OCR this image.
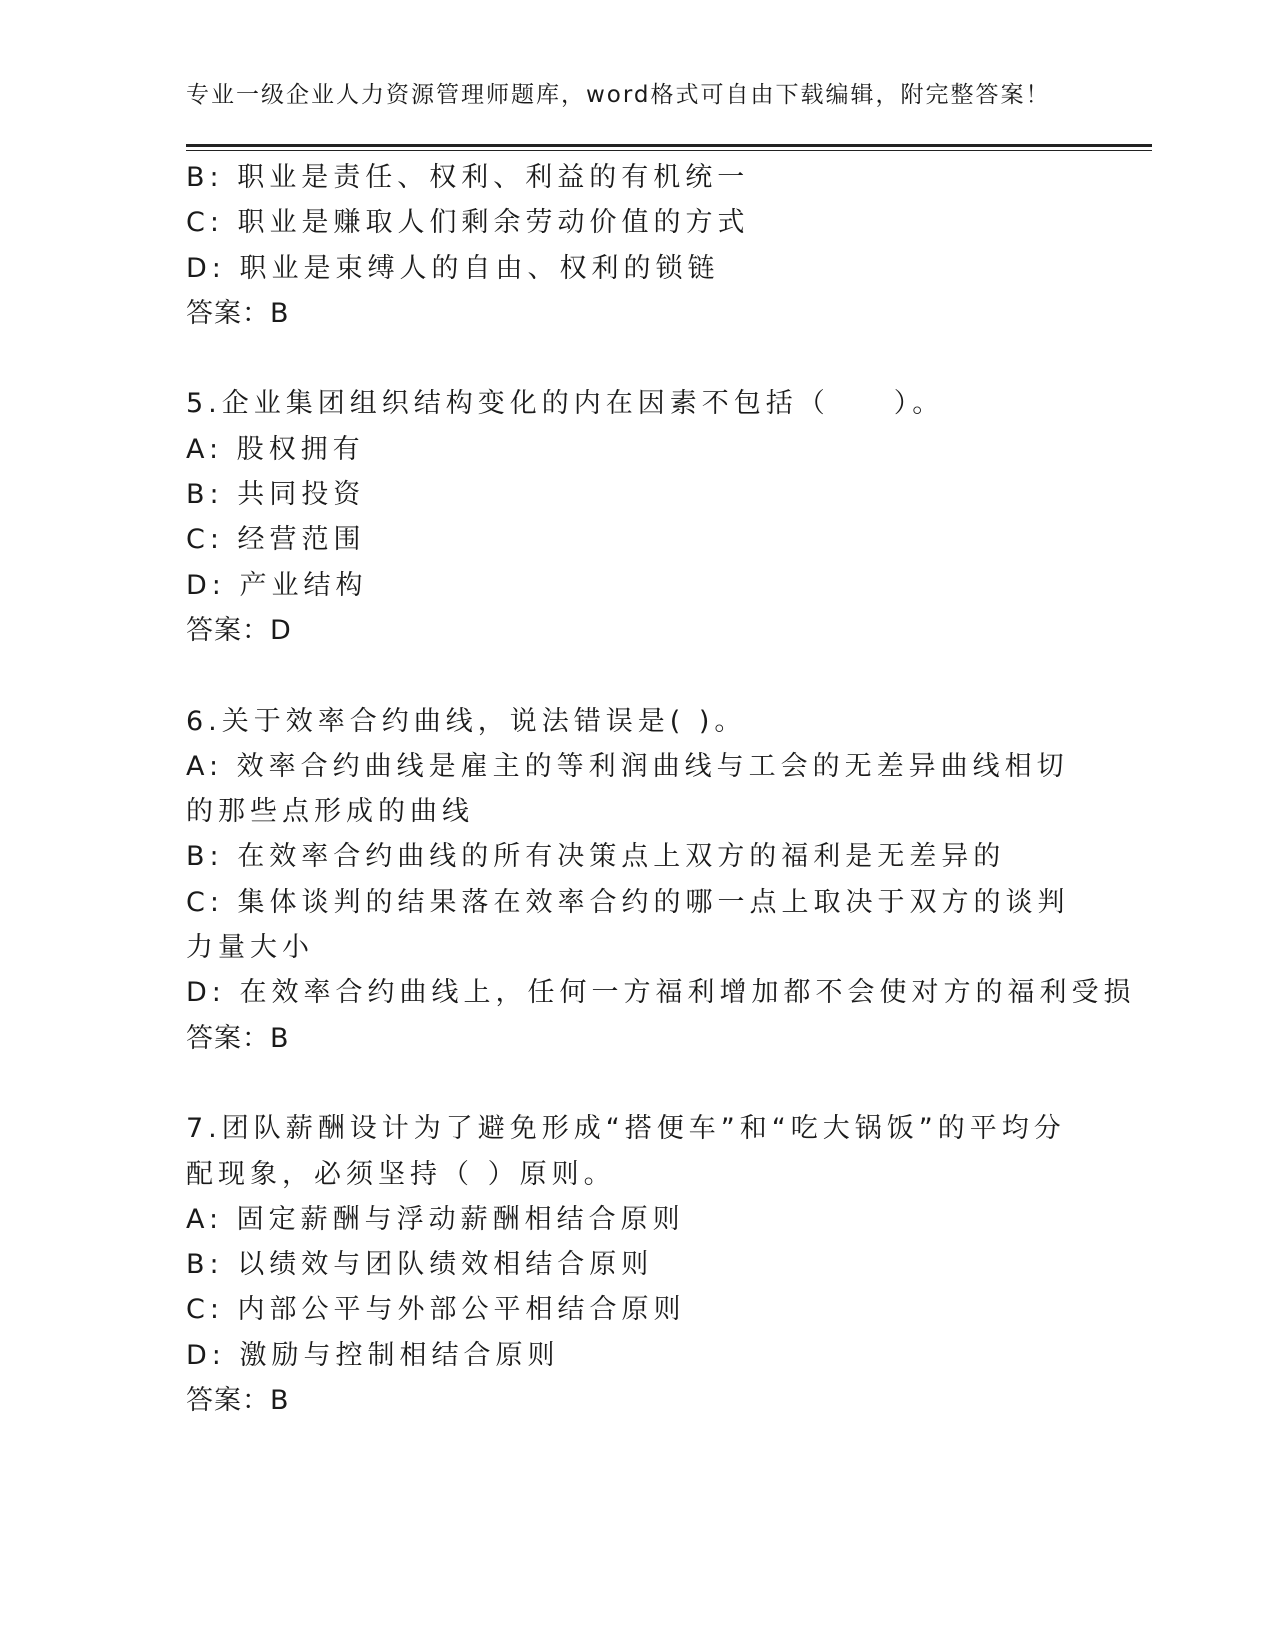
专业一级企业人力资源管理师题库，word格式可自由下载编辑，附完整答案！
B: 职业是责任、权利、利益的有机统一
C: 职业是赚取人们剩余劳动价值的方式
D: 职业是束缚人的自由、权利的锁链
答案：B
5.企业集团组织结构变化的内在因素不包括（　　）。
A: 股权拥有
B: 共同投资
C: 经营范围
D: 产业结构
答案：D
6.关于效率合约曲线，说法错误是( )。
A: 效率合约曲线是雇主的等利润曲线与工会的无差异曲线相切的那些点形成的曲线
B: 在效率合约曲线的所有决策点上双方的福利是无差异的
C: 集体谈判的结果落在效率合约的哪一点上取决于双方的谈判力量大小
D: 在效率合约曲线上，任何一方福利增加都不会使对方的福利受损
答案：B
7.团队薪酬设计为了避免形成“搭便车”和“吃大锅饭”的平均分配现象，必须坚持（ ）原则。
A: 固定薪酬与浮动薪酬相结合原则
B: 以绩效与团队绩效相结合原则
C: 内部公平与外部公平相结合原则
D: 激励与控制相结合原则
答案：B
